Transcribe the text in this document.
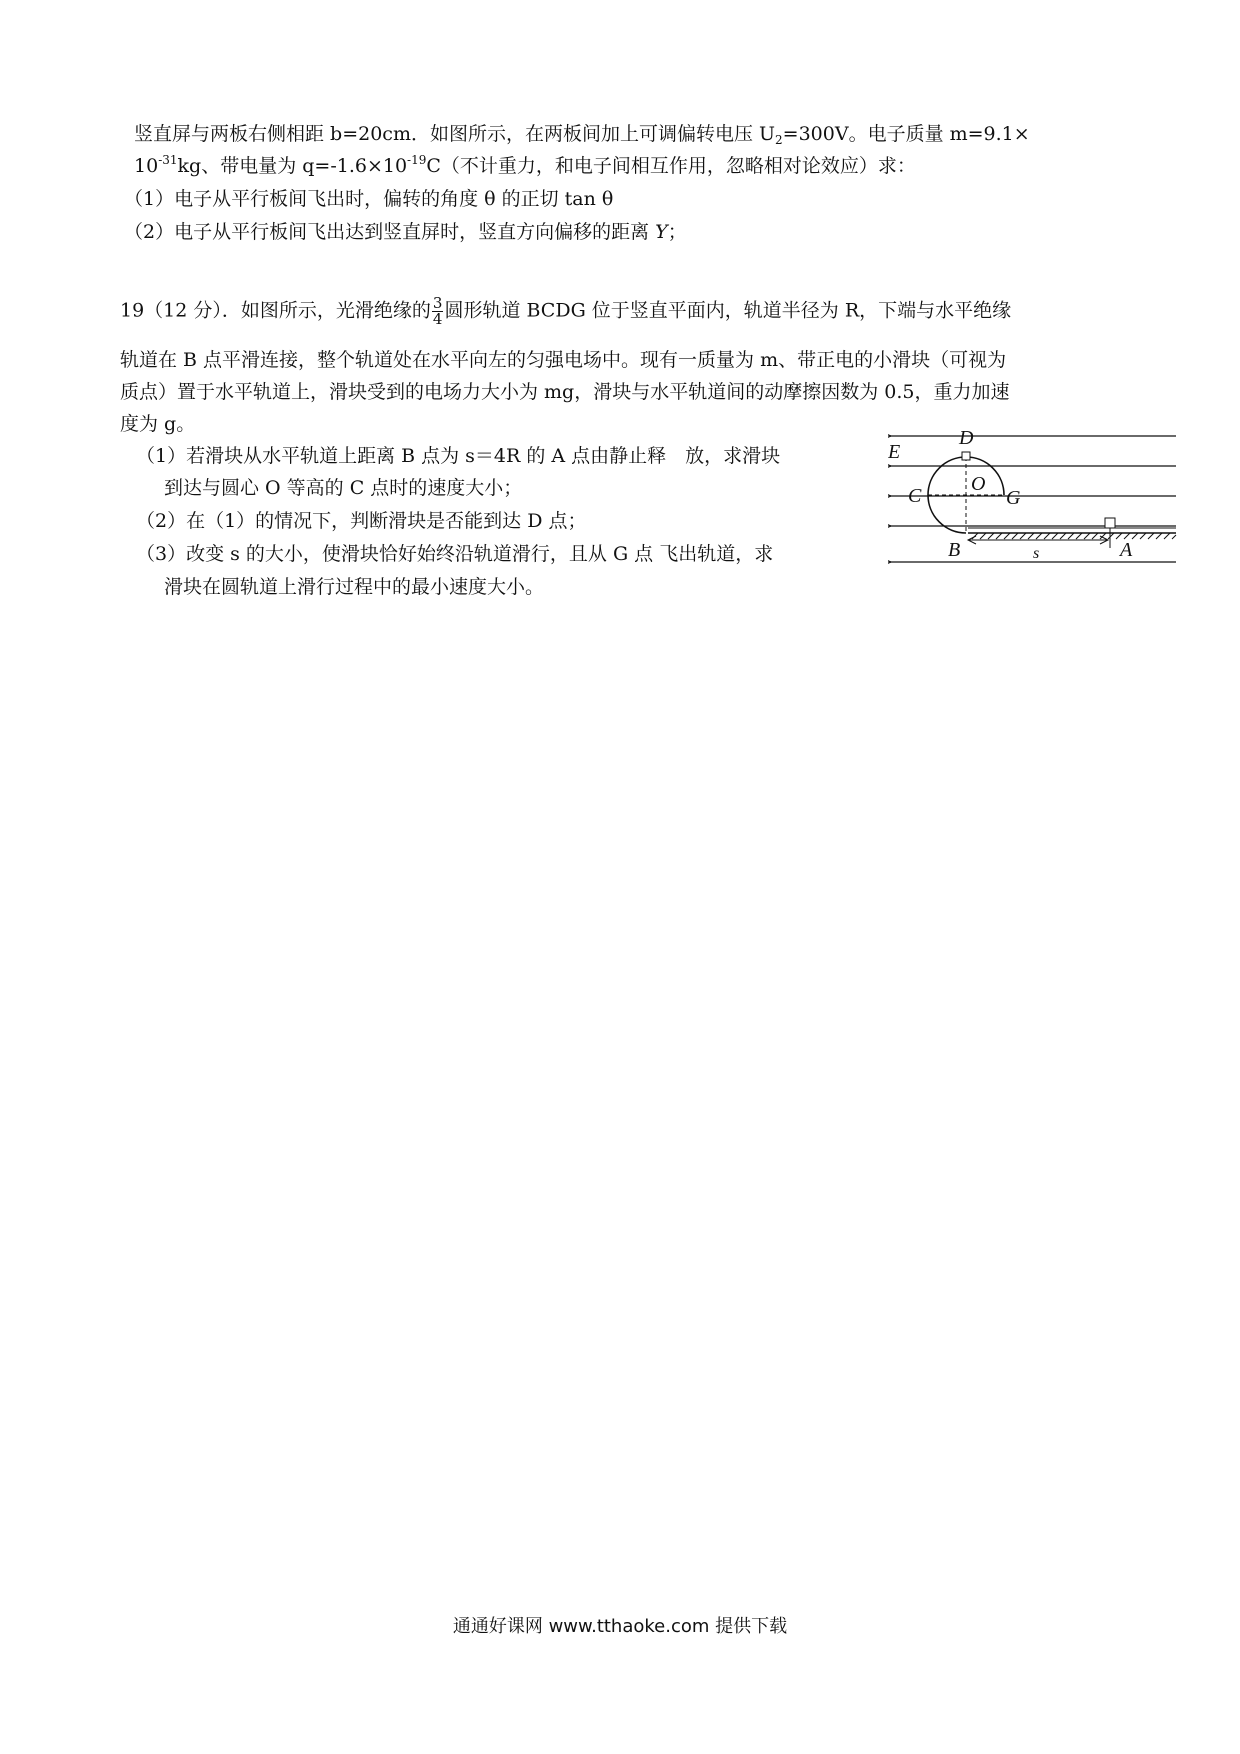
竖直屏与两板右侧相距 b=20cm．如图所示，在两板间加上可调偏转电压 $U_2=300V$。电子质量 m=9.1×
$10^{-31}kg$、带电量为 $q=-1.6\times 10^{-19}C$（不计重力，和电子间相互作用，忽略相对论效应）求：
（1）电子从平行板间飞出时，偏转的角度 θ 的正切 tan θ
（2）电子从平行板间飞出达到竖直屏时，竖直方向偏移的距离 Y；
19（12 分）．如图所示，光滑绝缘的 $\frac{3}{4}$ 圆形轨道 BCDG 位于竖直平面内，轨道半径为 R，下端与水平绝缘
轨道在 B 点平滑连接，整个轨道处在水平向左的匀强电场中。现有一质量为 m、带正电的小滑块（可视为
质点）置于水平轨道上，滑块受到的电场力大小为 mg，滑块与水平轨道间的动摩擦因数为 0.5，重力加速
度为 g。
（1）若滑块从水平轨道上距离 B 点为 s＝4R 的 A 点由静止释　放，求滑块
到达与圆心 O 等高的 C 点时的速度大小；
（2）在（1）的情况下，判断滑块是否能到达 D 点；
（3）改变 s 的大小，使滑块恰好始终沿轨道滑行，且从 G 点 飞出轨道，求
滑块在圆轨道上滑行过程中的最小速度大小。
D
E
C
O
G
B	s	A
通通好课网 www.tthaoke.com 提供下载
